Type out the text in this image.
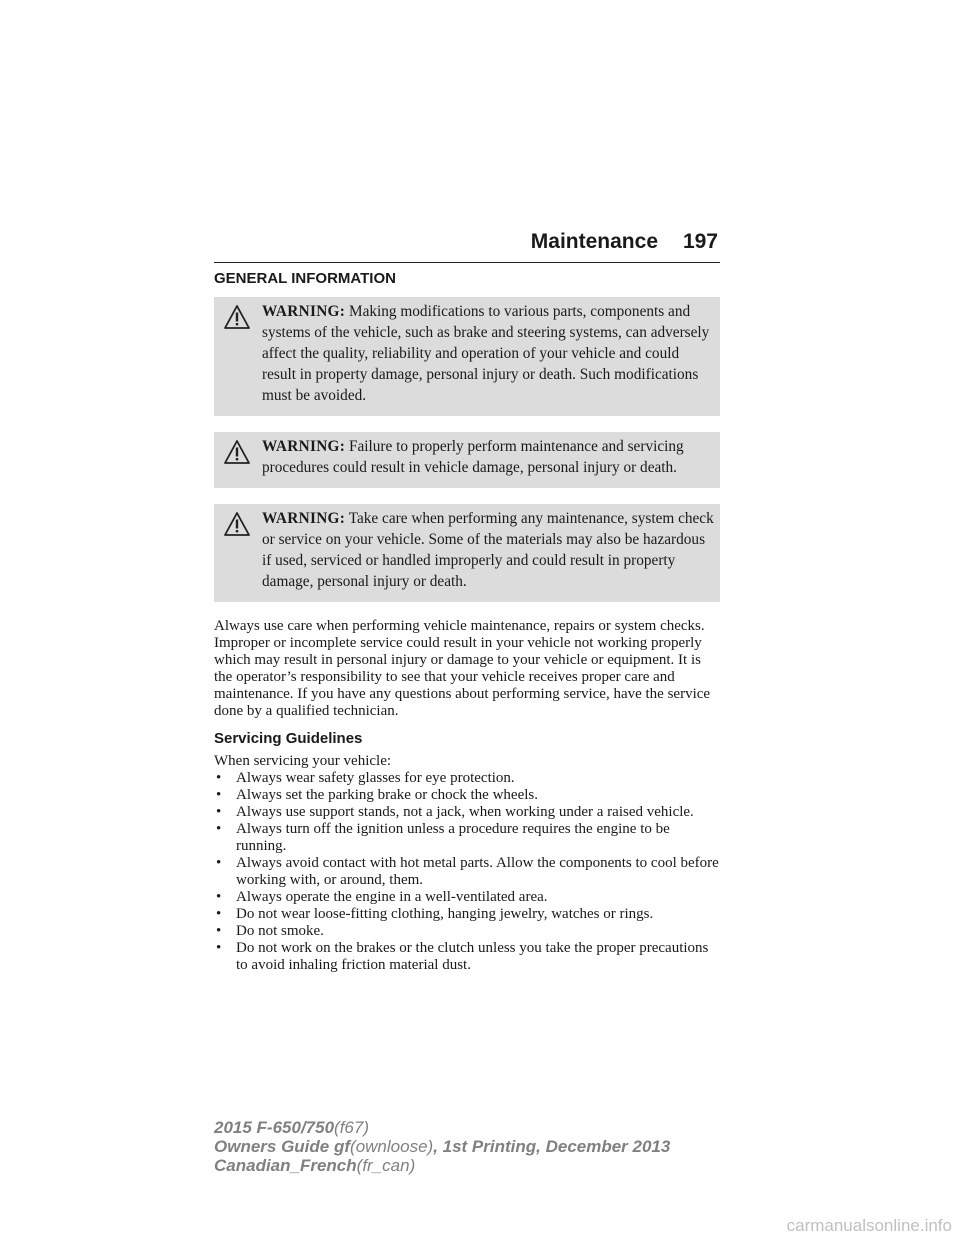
Maintenance 197
GENERAL INFORMATION
WARNING: Making modifications to various parts, components and systems of the vehicle, such as brake and steering systems, can adversely affect the quality, reliability and operation of your vehicle and could result in property damage, personal injury or death. Such modifications must be avoided.
WARNING: Failure to properly perform maintenance and servicing procedures could result in vehicle damage, personal injury or death.
WARNING: Take care when performing any maintenance, system check or service on your vehicle. Some of the materials may also be hazardous if used, serviced or handled improperly and could result in property damage, personal injury or death.

Always use care when performing vehicle maintenance, repairs or system checks. Improper or incomplete service could result in your vehicle not working properly which may result in personal injury or damage to your vehicle or equipment. It is the operator’s responsibility to see that your vehicle receives proper care and maintenance. If you have any questions about performing service, have the service done by a qualified technician.

Servicing Guidelines
When servicing your vehicle:
• Always wear safety glasses for eye protection.
• Always set the parking brake or chock the wheels.
• Always use support stands, not a jack, when working under a raised vehicle.
• Always turn off the ignition unless a procedure requires the engine to be running.
• Always avoid contact with hot metal parts. Allow the components to cool before working with, or around, them.
• Always operate the engine in a well-ventilated area.
• Do not wear loose-fitting clothing, hanging jewelry, watches or rings.
• Do not smoke.
• Do not work on the brakes or the clutch unless you take the proper precautions to avoid inhaling friction material dust.
2015 F-650/750(f67)
Owners Guide gf(ownloose), 1st Printing, December 2013
Canadian_French(fr_can)
carmanualsonline.info
